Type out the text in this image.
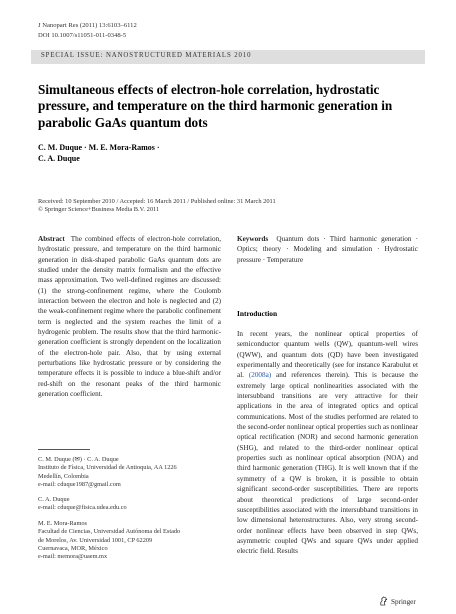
J Nanopart Res (2011) 13:6103–6112
DOI 10.1007/s11051-011-0348-5
SPECIAL ISSUE: NANOSTRUCTURED MATERIALS 2010
Simultaneous effects of electron-hole correlation, hydrostatic pressure, and temperature on the third harmonic generation in parabolic GaAs quantum dots
C. M. Duque · M. E. Mora-Ramos ·
C. A. Duque
Received: 10 September 2010 / Accepted: 16 March 2011 / Published online: 31 March 2011
© Springer Science+Business Media B.V. 2011
Abstract The combined effects of electron-hole correlation, hydrostatic pressure, and temperature on the third harmonic generation in disk-shaped parabolic GaAs quantum dots are studied under the density matrix formalism and the effective mass approximation. Two well-defined regimes are discussed: (1) the strong-confinement regime, where the Coulomb interaction between the electron and hole is neglected and (2) the weak-confinement regime where the parabolic confinement term is neglected and the system reaches the limit of a hydrogenic problem. The results show that the third harmonic-generation coefficient is strongly dependent on the localization of the electron-hole pair. Also, that by using external perturbations like hydrostatic pressure or by considering the temperature effects it is possible to induce a blue-shift and/or red-shift on the resonant peaks of the third harmonic generation coefficient.
Keywords Quantum dots · Third harmonic generation · Optics; theory · Modeling and simulation · Hydrostatic pressure · Temperature
Introduction
In recent years, the nonlinear optical properties of semiconductor quantum wells (QW), quantum-well wires (QWW), and quantum dots (QD) have been investigated experimentally and theoretically (see for instance Karabulut et al. (2008a) and references therein). This is because the extremely large optical nonlinearities associated with the intersubband transitions are very attractive for their applications in the area of integrated optics and optical communications. Most of the studies performed are related to the second-order nonlinear optical properties such as nonlinear optical rectification (NOR) and second harmonic generation (SHG), and related to the third-order nonlinear optical properties such as nonlinear optical absorption (NOA) and third harmonic generation (THG). It is well known that if the symmetry of a QW is broken, it is possible to obtain significant second-order susceptibilities. There are reports about theoretical predictions of large second-order susceptibilities associated with the intersubband transitions in low dimensional heterostructures. Also, very strong second-order nonlinear effects have been observed in step QWs, asymmetric coupled QWs and square QWs under applied electric field. Results
C. M. Duque (✉) · C. A. Duque
Instituto de Física, Universidad de Antioquia, AA 1226
Medellín, Colombia
e-mail: cduque1987@gmail.com
C. A. Duque
e-mail: cduque@fisica.udea.edu.co
M. E. Mora-Ramos
Facultad de Ciencias, Universidad Autónoma del Estado
de Morelos, Av. Universidad 1001, CP 62209
Cuernavaca, MOR, México
e-mail: memora@uaem.mx
Springer
